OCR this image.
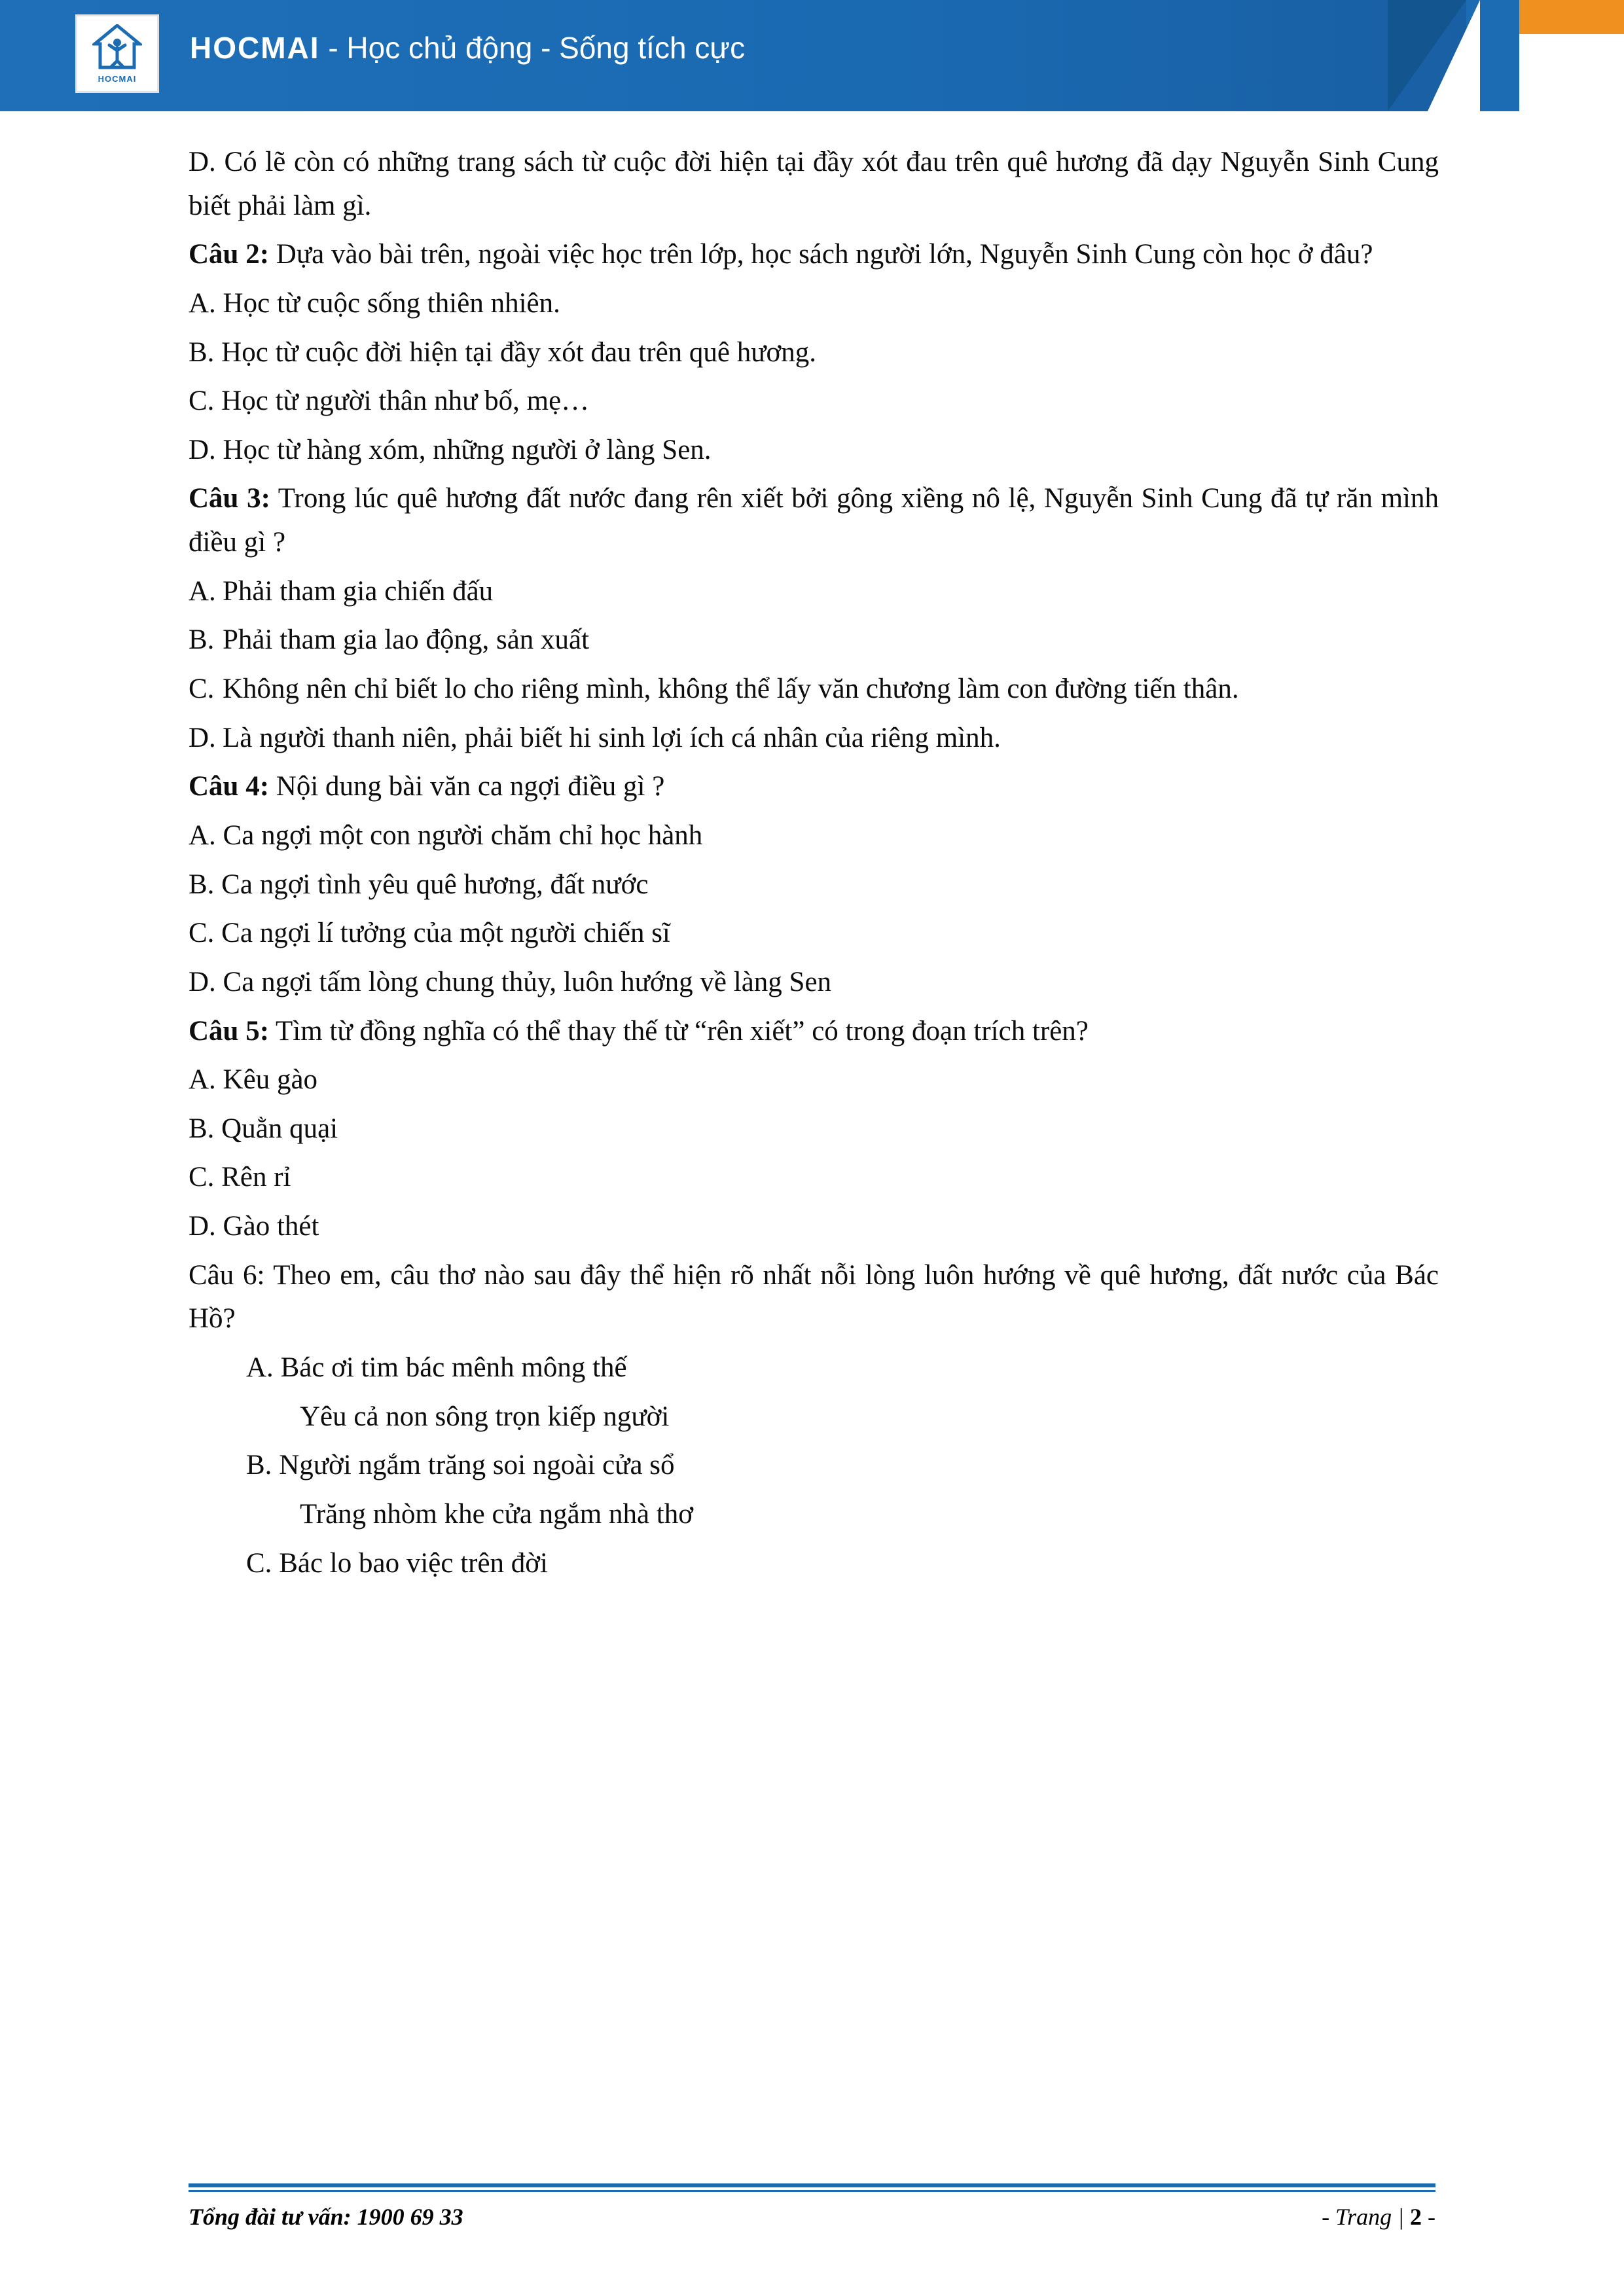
HOCMAI
HOCMAI - Học chủ động - Sống tích cực

D. Có lẽ còn có những trang sách từ cuộc đời hiện tại đầy xót đau trên quê hương đã dạy Nguyễn Sinh Cung biết phải làm gì.

Câu 2: Dựa vào bài trên, ngoài việc học trên lớp, học sách người lớn, Nguyễn Sinh Cung còn học ở đâu?

A. Học từ cuộc sống thiên nhiên.

B. Học từ cuộc đời hiện tại đầy xót đau trên quê hương.

C. Học từ người thân như bố, mẹ…

D. Học từ hàng xóm, những người ở làng Sen.

Câu 3: Trong lúc quê hương đất nước đang rên xiết bởi gông xiềng nô lệ, Nguyễn Sinh Cung đã tự răn mình điều gì ?

A. Phải tham gia chiến đấu
B. Phải tham gia lao động, sản xuất
C. Không nên chỉ biết lo cho riêng mình, không thể lấy văn chương làm con đường tiến thân.
D. Là người thanh niên, phải biết hi sinh lợi ích cá nhân của riêng mình.

Câu 4: Nội dung bài văn ca ngợi điều gì ?

A. Ca ngợi một con người chăm chỉ học hành

B. Ca ngợi tình yêu quê hương, đất nước

C. Ca ngợi lí tưởng của một người chiến sĩ

D. Ca ngợi tấm lòng chung thủy, luôn hướng về làng Sen

Câu 5: Tìm từ đồng nghĩa có thể thay thế từ “rên xiết” có trong đoạn trích trên?

A. Kêu gào

B. Quằn quại

C. Rên rỉ

D. Gào thét

Câu 6: Theo em, câu thơ nào sau đây thể hiện rõ nhất nỗi lòng luôn hướng về quê hương, đất nước của Bác Hồ?

A. Bác ơi tim bác mênh mông thế

Yêu cả non sông trọn kiếp người

B. Người ngắm trăng soi ngoài cửa sổ

Trăng nhòm khe cửa ngắm nhà thơ

C. Bác lo bao việc trên đời

Tổng đài tư vấn: 1900 69 33	- Trang | 2 -
